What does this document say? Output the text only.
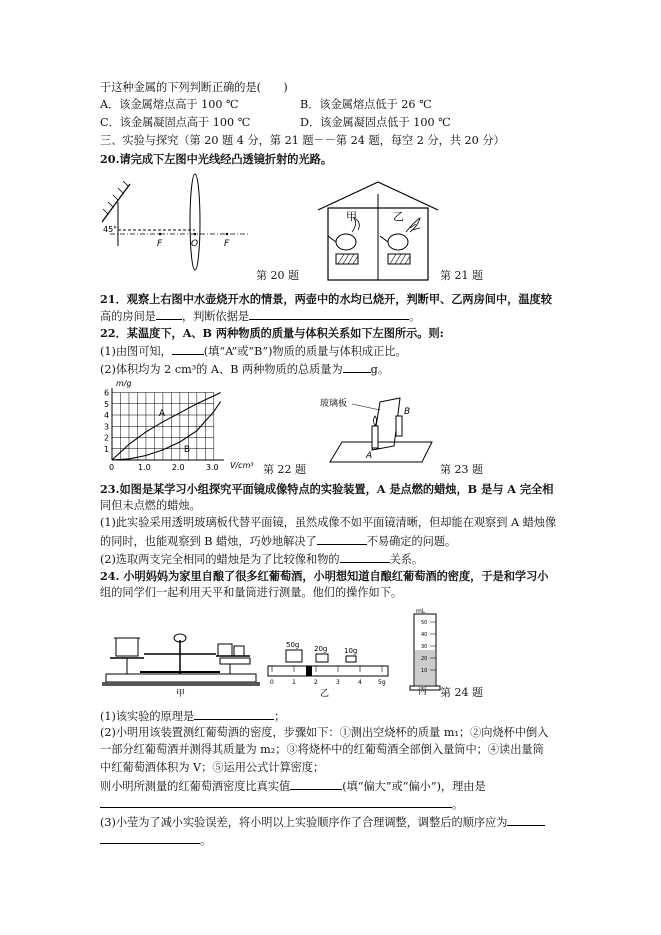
于这种金属的下列判断正确的是(　　)
A．该金属熔点高于 100 ℃	B．该金属熔点低于 26 ℃
C．该金属凝固点高于 100 ℃	D．该金属凝固点低于 100 ℃
三、实验与探究（第 20 题 4 分，第 21 题－－第 24 题，每空 2 分，共 20 分）
20.请完成下左图中光线经凸透镜折射的光路。
45°
F	O	F
第 20 题
甲	乙
第 21 题
21．观察上右图中水壶烧开水的情景，两壶中的水均已烧开，判断甲、乙两房间中，温度较
高的房间是 ，判断依据是	。
22．某温度下，A、B 两种物质的质量与体积关系如下左图所示。则:
(1)由图可知，	(填“A”或“B”)物质的质量与体积成正比。
(2)体积均为 2 cm³的 A、B 两种物质的总质量为	g。
1
2
3
4
5
6
0	1.0	2.0	3.0
A
B
m/g
V/cm³ 第 22 题
玻璃板
A
B
第 23 题
23.如图是某学习小组探究平面镜成像特点的实验装置，A 是点燃的蜡烛，B 是与 A 完全相
同但未点燃的蜡烛。
(1)此实验采用透明玻璃板代替平面镜，虽然成像不如平面镜清晰，但却能在观察到 A 蜡烛像
的同时，也能观察到 B 蜡烛，巧妙地解决了	不易确定的问题。
(2)选取两支完全相同的蜡烛是为了比较像和物的	关系。
24. 小明妈妈为家里自酿了很多红葡萄酒，小明想知道自酿红葡萄酒的密度，于是和学习小
组的同学们一起利用天平和量筒进行测量。他们的操作如下。
甲
50g 20g 10g
0	1	2	3	4	5g
乙
mL
50
40
30
20
10
丙 第 24 题
(1)该实验的原理是	；
(2)小明用该装置测红葡萄酒的密度，步骤如下：①测出空烧杯的质量 m₁；②向烧杯中倒入
一部分红葡萄酒并测得其质量为 m₂；③将烧杯中的红葡萄酒全部倒入量筒中；④读出量筒
中红葡萄酒体积为 V；⑤运用公式计算密度；
则小明所测量的红葡萄酒密度比真实值	(填“偏大”或“偏小”)，理由是
。
(3)小莹为了减小实验误差，将小明以上实验顺序作了合理调整，调整后的顺序应为
。
